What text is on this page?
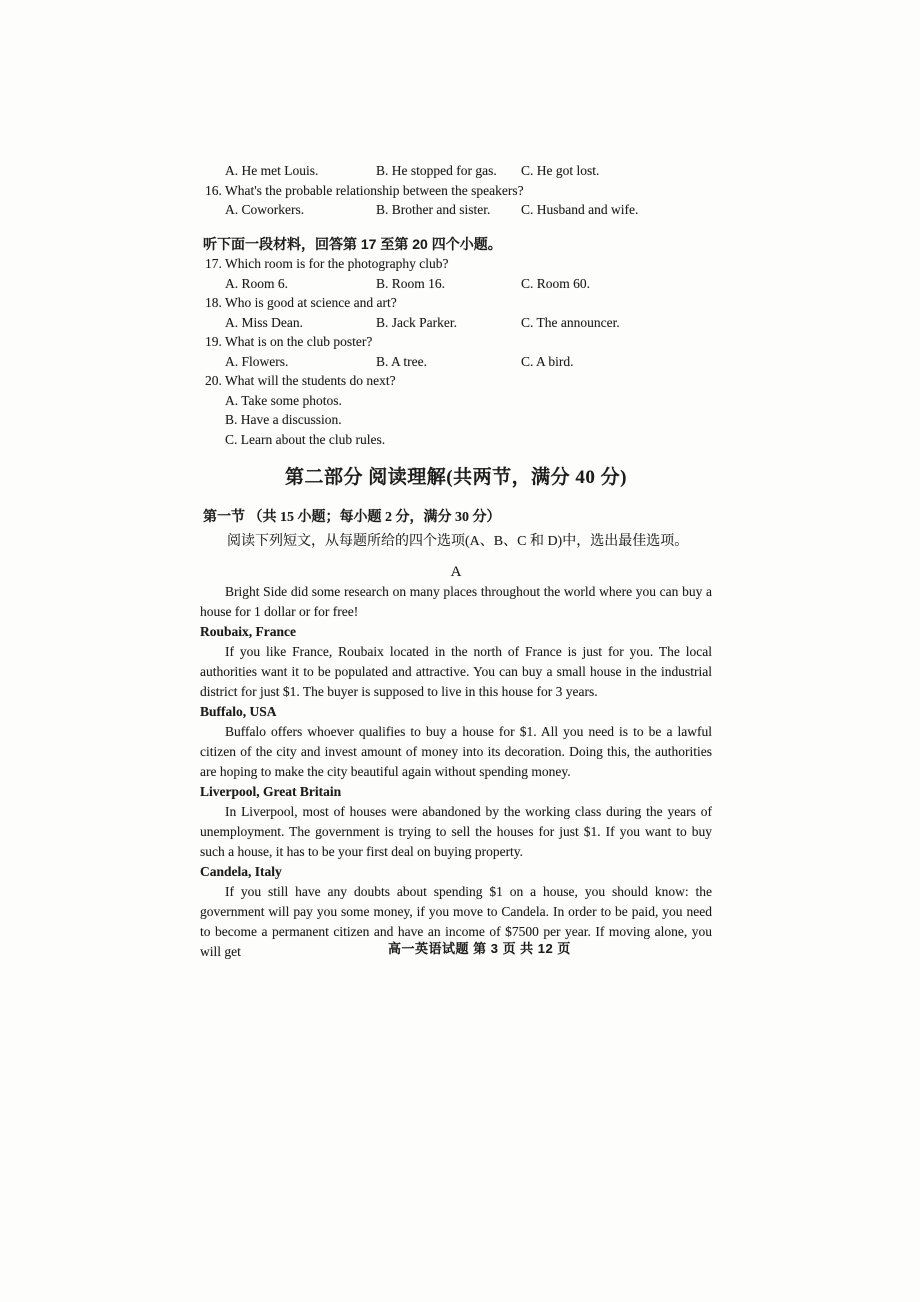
A. He met Louis.	B. He stopped for gas.	C. He got lost.
16. What's the probable relationship between the speakers?
A. Coworkers.	B. Brother and sister.	C. Husband and wife.
听下面一段材料，回答第 17 至第 20 四个小题。
17. Which room is for the photography club?
A. Room 6.	B. Room 16.	C. Room 60.
18. Who is good at science and art?
A. Miss Dean.	B. Jack Parker.	C. The announcer.
19. What is on the club poster?
A. Flowers.	B. A tree.	C. A bird.
20. What will the students do next?
A. Take some photos.
B. Have a discussion.
C. Learn about the club rules.
第二部分 阅读理解(共两节，满分 40 分)
第一节 （共 15 小题；每小题 2 分，满分 30 分）
阅读下列短文，从每题所给的四个选项(A、B、C 和 D)中，选出最佳选项。
A

Bright Side did some research on many places throughout the world where you can buy a house for 1 dollar or for free!

Roubaix, France

If you like France, Roubaix located in the north of France is just for you. The local authorities want it to be populated and attractive. You can buy a small house in the industrial district for just $1. The buyer is supposed to live in this house for 3 years.

Buffalo, USA

Buffalo offers whoever qualifies to buy a house for $1. All you need is to be a lawful citizen of the city and invest amount of money into its decoration. Doing this, the authorities are hoping to make the city beautiful again without spending money.

Liverpool, Great Britain

In Liverpool, most of houses were abandoned by the working class during the years of unemployment. The government is trying to sell the houses for just $1. If you want to buy such a house, it has to be your first deal on buying property.

Candela, Italy

If you still have any doubts about spending $1 on a house, you should know: the government will pay you some money, if you move to Candela. In order to be paid, you need to become a permanent citizen and have an income of $7500 per year. If moving alone, you will get	高一英语试题 第 3 页 共 12 页
